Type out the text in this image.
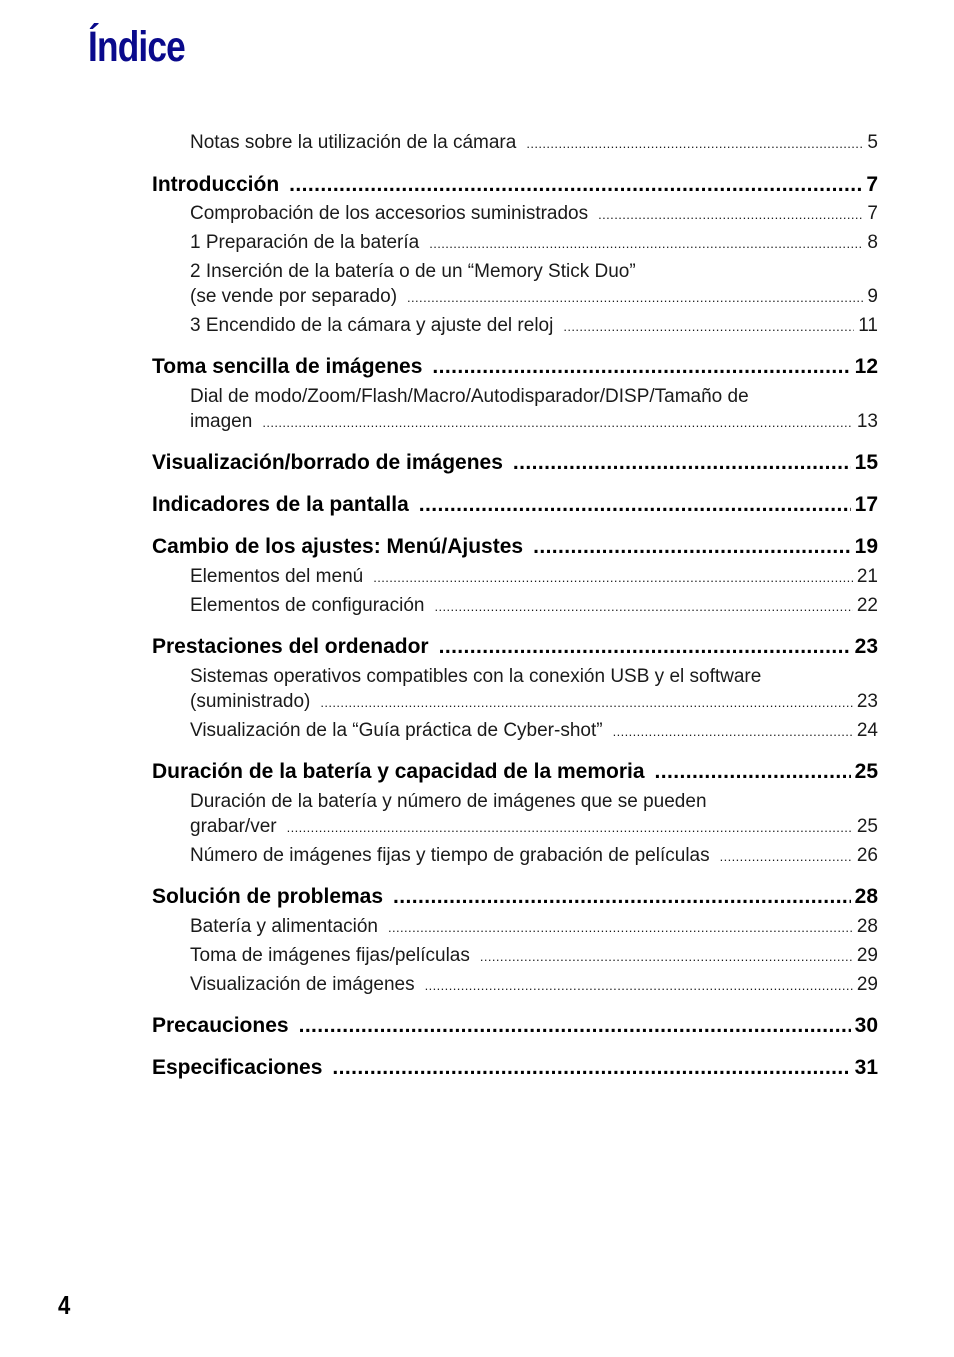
Índice
Notas sobre la utilización de la cámara .....	5
Introducción .....	7
Comprobación de los accesorios suministrados .....	7
1 Preparación de la batería .....	8
2 Inserción de la batería o de un “Memory Stick Duo”
(se vende por separado) .....	9
3 Encendido de la cámara y ajuste del reloj .....	11
Toma sencilla de imágenes .....	12
Dial de modo/Zoom/Flash/Macro/Autodisparador/DISP/Tamaño de
imagen .....	13
Visualización/borrado de imágenes .....	15
Indicadores de la pantalla .....	17
Cambio de los ajustes: Menú/Ajustes .....	19
Elementos del menú .....	21
Elementos de configuración .....	22
Prestaciones del ordenador .....	23
Sistemas operativos compatibles con la conexión USB y el software
(suministrado) .....	23
Visualización de la “Guía práctica de Cyber-shot” .....	24
Duración de la batería y capacidad de la memoria .....	25
Duración de la batería y número de imágenes que se pueden
grabar/ver .....	25
Número de imágenes fijas y tiempo de grabación de películas .....	26
Solución de problemas .....	28
Batería y alimentación .....	28
Toma de imágenes fijas/películas .....	29
Visualización de imágenes .....	29
Precauciones .....	30
Especificaciones .....	31
4
